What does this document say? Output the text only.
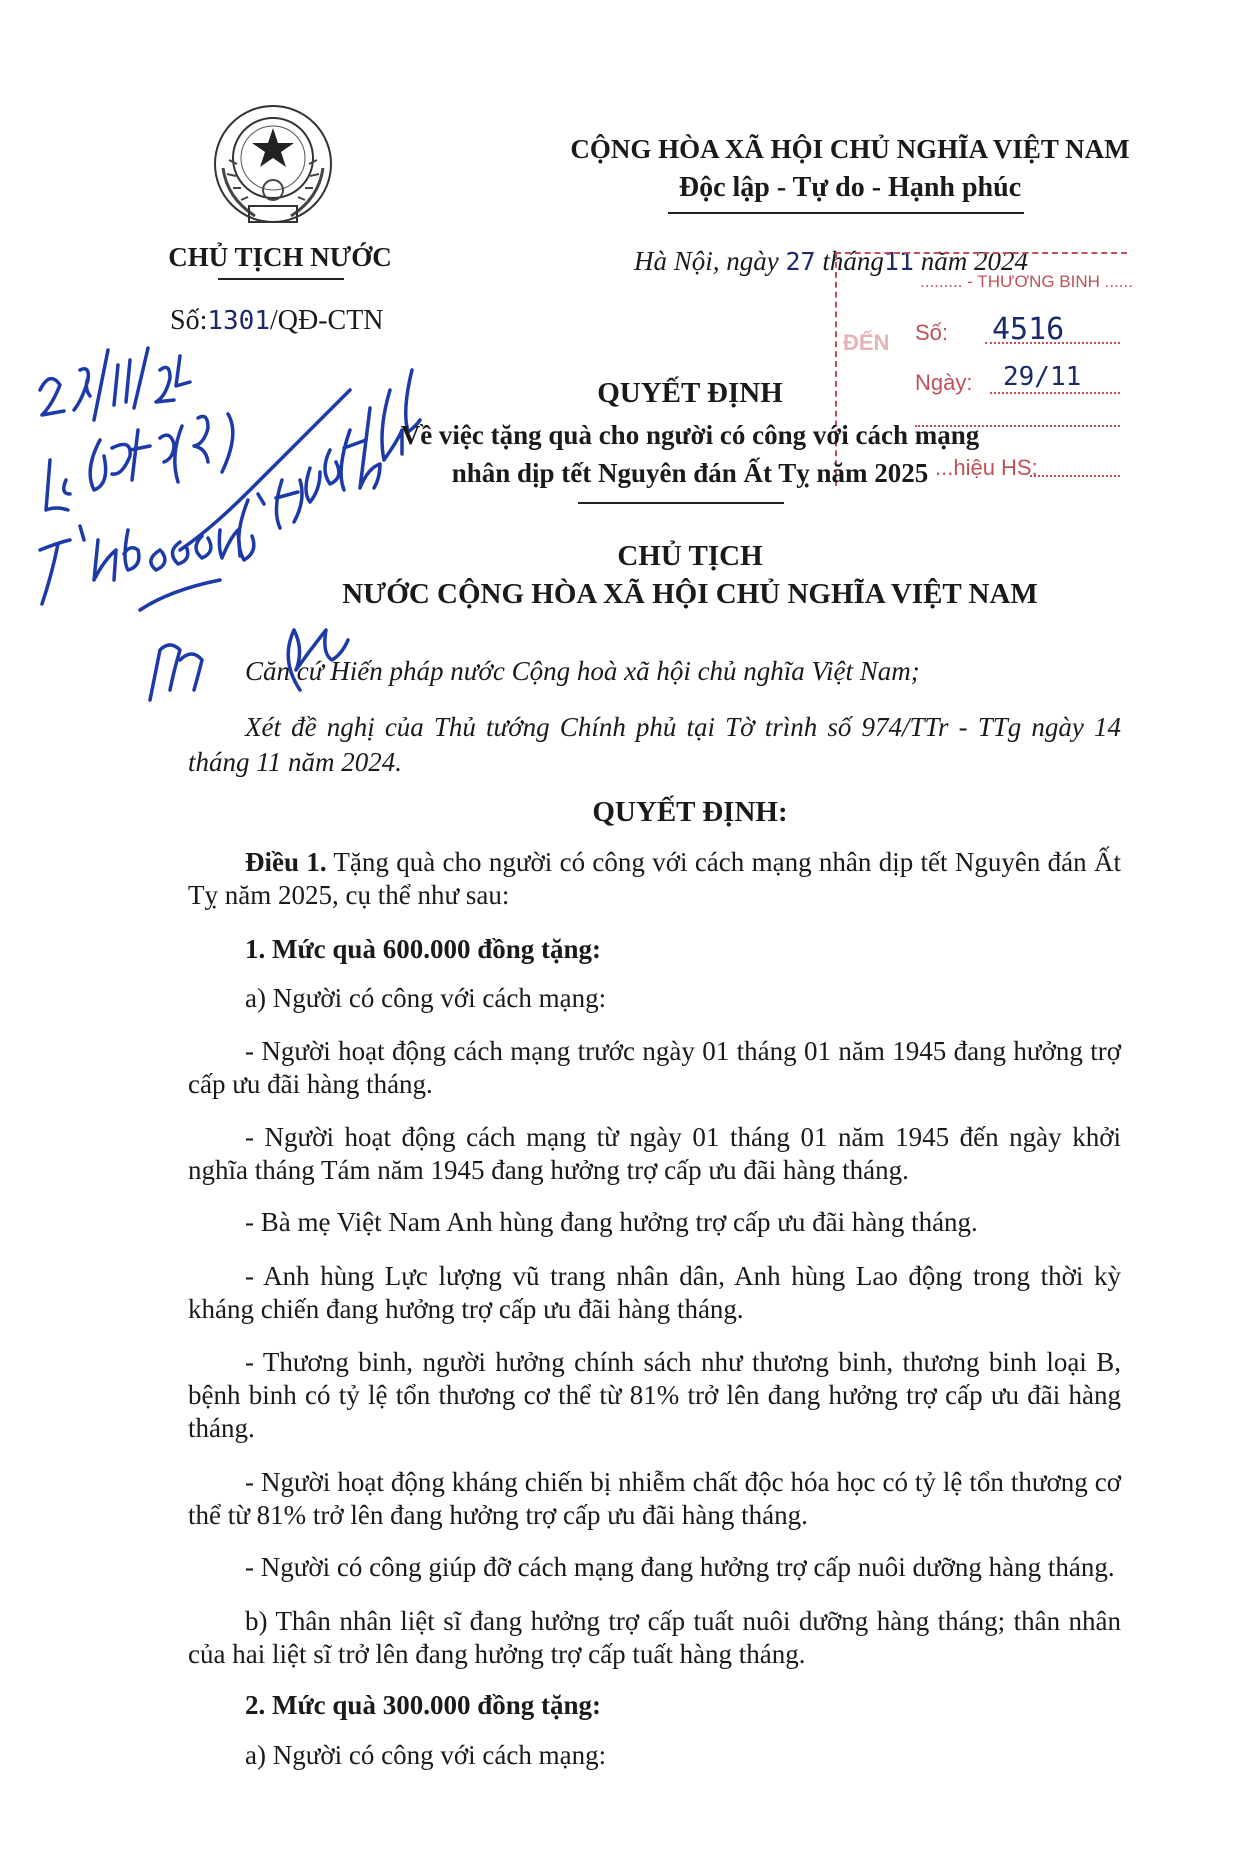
CHỦ TỊCH NƯỚC
Số:1301/QĐ-CTN
CỘNG HÒA XÃ HỘI CHỦ NGHĨA VIỆT NAM
Độc lập - Tự do - Hạnh phúc
Hà Nội, ngày 27 tháng11 năm 2024
......... - THƯƠNG BINH ......
ĐẾN Số: 4516
Ngày: 29/11
...hiệu HS:
QUYẾT ĐỊNH
Về việc tặng quà cho người có công với cách mạng
nhân dịp tết Nguyên đán Ất Tỵ năm 2025
CHỦ TỊCH
NƯỚC CỘNG HÒA XÃ HỘI CHỦ NGHĨA VIỆT NAM
Căn cứ Hiến pháp nước Cộng hoà xã hội chủ nghĩa Việt Nam;
Xét đề nghị của Thủ tướng Chính phủ tại Tờ trình số 974/TTr - TTg ngày 14 tháng 11 năm 2024.
QUYẾT ĐỊNH:
Điều 1. Tặng quà cho người có công với cách mạng nhân dịp tết Nguyên đán Ất Tỵ năm 2025, cụ thể như sau:
1. Mức quà 600.000 đồng tặng:
a) Người có công với cách mạng:
- Người hoạt động cách mạng trước ngày 01 tháng 01 năm 1945 đang hưởng trợ cấp ưu đãi hàng tháng.
- Người hoạt động cách mạng từ ngày 01 tháng 01 năm 1945 đến ngày khởi nghĩa tháng Tám năm 1945 đang hưởng trợ cấp ưu đãi hàng tháng.
- Bà mẹ Việt Nam Anh hùng đang hưởng trợ cấp ưu đãi hàng tháng.
- Anh hùng Lực lượng vũ trang nhân dân, Anh hùng Lao động trong thời kỳ kháng chiến đang hưởng trợ cấp ưu đãi hàng tháng.
- Thương binh, người hưởng chính sách như thương binh, thương binh loại B, bệnh binh có tỷ lệ tổn thương cơ thể từ 81% trở lên đang hưởng trợ cấp ưu đãi hàng tháng.
- Người hoạt động kháng chiến bị nhiễm chất độc hóa học có tỷ lệ tổn thương cơ thể từ 81% trở lên đang hưởng trợ cấp ưu đãi hàng tháng.
- Người có công giúp đỡ cách mạng đang hưởng trợ cấp nuôi dưỡng hàng tháng.
b) Thân nhân liệt sĩ đang hưởng trợ cấp tuất nuôi dưỡng hàng tháng; thân nhân của hai liệt sĩ trở lên đang hưởng trợ cấp tuất hàng tháng.
2. Mức quà 300.000 đồng tặng:
a) Người có công với cách mạng:
